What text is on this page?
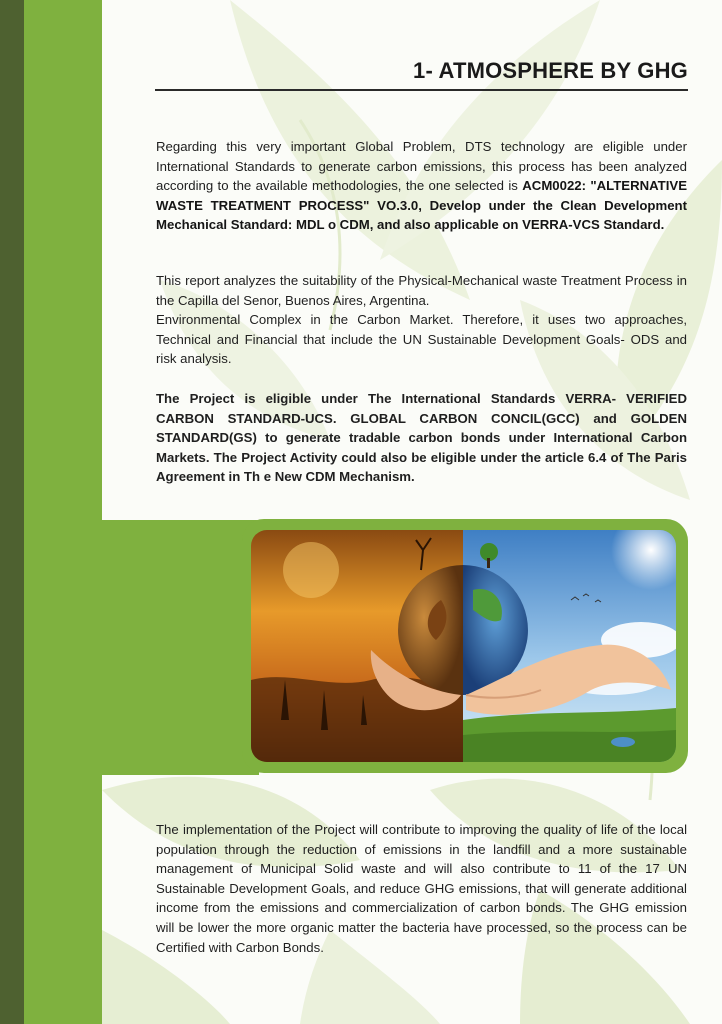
1- ATMOSPHERE BY GHG
Regarding this very important Global Problem, DTS technology are eligible under International Standards to generate carbon emissions, this process has been analyzed according to the available methodologies, the one selected is ACM0022: "ALTERNATIVE WASTE TREATMENT PROCESS" VO.3.0, Develop under the Clean Development Mechanical Standard: MDL o CDM, and also applicable on VERRA-VCS Standard.
This report analyzes the suitability of the Physical-Mechanical waste Treatment Process in the Capilla del Senor, Buenos Aires, Argentina.
Environmental Complex in the Carbon Market. Therefore, it uses two approaches, Technical and Financial that include the UN Sustainable Development Goals- ODS and risk analysis.
The Project is eligible under The International Standards VERRA- VERIFIED CARBON STANDARD-UCS. GLOBAL CARBON CONCIL(GCC) and GOLDEN STANDARD(GS) to generate tradable carbon bonds under International Carbon Markets. The Project Activity could also be eligible under the article 6.4 of The Paris Agreement in Th e New CDM Mechanism.
The implementation of the Project will contribute to improving the quality of life of the local population through the reduction of emissions in the landfill and a more sustainable management of Municipal Solid waste and will also contribute to 11 of the 17 UN Sustainable Development Goals, and reduce GHG emissions, that will generate additional income from the emissions and commercialization of carbon bonds. The GHG emission will be lower the more organic matter the bacteria have processed, so the process can be Certified with Carbon Bonds.
